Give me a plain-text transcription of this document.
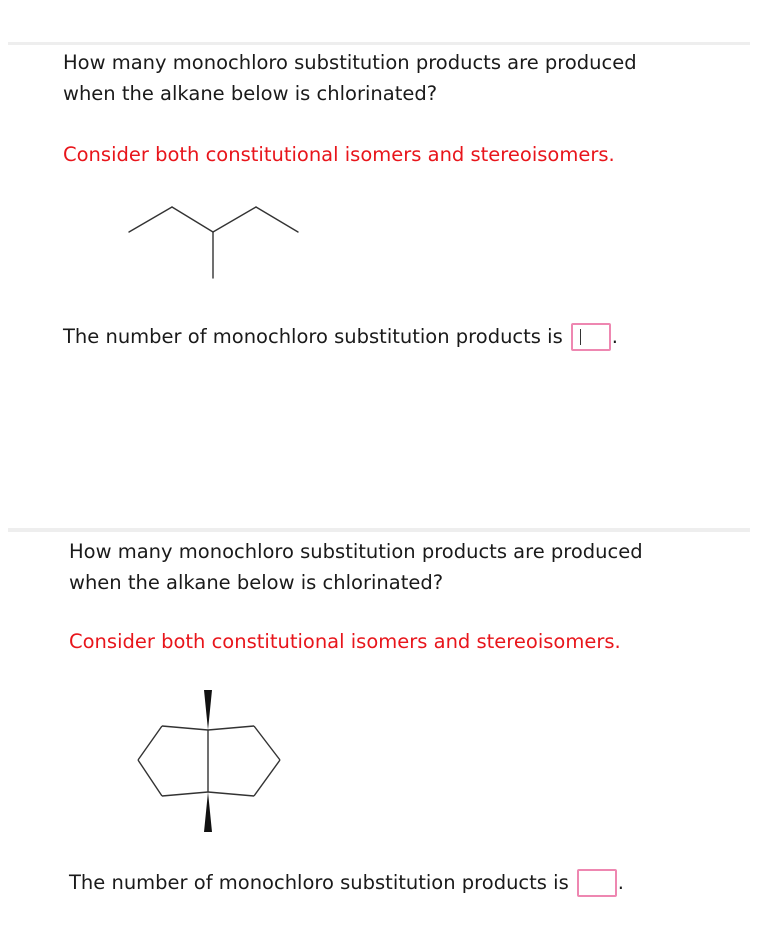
How many monochloro substitution products are produced

when the alkane below is chlorinated?

Consider both constitutional isomers and stereoisomers.

The number of monochloro substitution products is	.

How many monochloro substitution products are produced

when the alkane below is chlorinated?

Consider both constitutional isomers and stereoisomers.

The number of monochloro substitution products is	.
